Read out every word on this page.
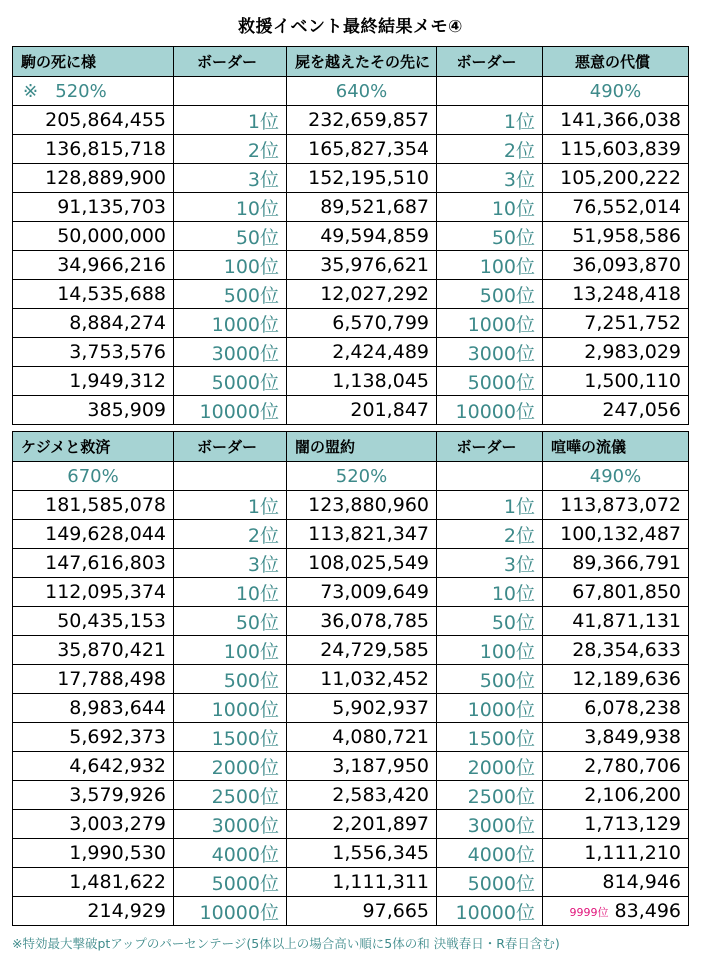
救援イベント最終結果メモ④
駒の死に様	ボーダー	屍を越えたその先に	ボーダー	悪意の代償
※ 520%		640%		490%
205,864,455	1位	232,659,857	1位	141,366,038
136,815,718	2位	165,827,354	2位	115,603,839
128,889,900	3位	152,195,510	3位	105,200,222
91,135,703	10位	89,521,687	10位	76,552,014
50,000,000	50位	49,594,859	50位	51,958,586
34,966,216	100位	35,976,621	100位	36,093,870
14,535,688	500位	12,027,292	500位	13,248,418
8,884,274	1000位	6,570,799	1000位	7,251,752
3,753,576	3000位	2,424,489	3000位	2,983,029
1,949,312	5000位	1,138,045	5000位	1,500,110
385,909	10000位	201,847	10000位	247,056
ケジメと救済	ボーダー	闇の盟約	ボーダー	喧嘩の流儀
670%		520%		490%
181,585,078	1位	123,880,960	1位	113,873,072
149,628,044	2位	113,821,347	2位	100,132,487
147,616,803	3位	108,025,549	3位	89,366,791
112,095,374	10位	73,009,649	10位	67,801,850
50,435,153	50位	36,078,785	50位	41,871,131
35,870,421	100位	24,729,585	100位	28,354,633
17,788,498	500位	11,032,452	500位	12,189,636
8,983,644	1000位	5,902,937	1000位	6,078,238
5,692,373	1500位	4,080,721	1500位	3,849,938
4,642,932	2000位	3,187,950	2000位	2,780,706
3,579,926	2500位	2,583,420	2500位	2,106,200
3,003,279	3000位	2,201,897	3000位	1,713,129
1,990,530	4000位	1,556,345	4000位	1,111,210
1,481,622	5000位	1,111,311	5000位	814,946
214,929	10000位	97,665	10000位	9999位 83,496
※特効最大撃破ptアップのパーセンテージ(5体以上の場合高い順に5体の和 決戦春日・R春日含む)
